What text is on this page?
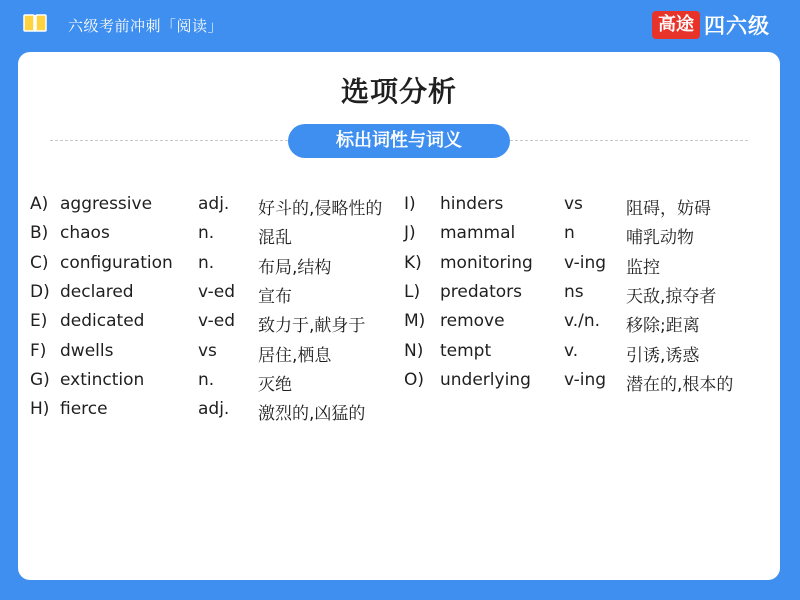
六级考前冲刺「阅读」	高途 四六级
选项分析
标出词性与词义
A) aggressive	adj. 好斗的,侵略性的
B) chaos	n.	混乱
C) configuration n.	布局,结构
D) declared	v-ed 宣布
E) dedicated	v-ed 致力于,献身于
F) dwells	vs 居住,栖息
G) extinction	n.	灭绝
H) fierce	adj. 激烈的,凶猛的
I) hinders	vs	阻碍，妨碍
J) mammal	n	哺乳动物
K) monitoring v-ing 监控
L) predators ns 天敌,掠夺者
M) remove	v./n. 移除;距离
N) tempt	v.	引诱,诱惑
O) underlying v-ing 潜在的,根本的
